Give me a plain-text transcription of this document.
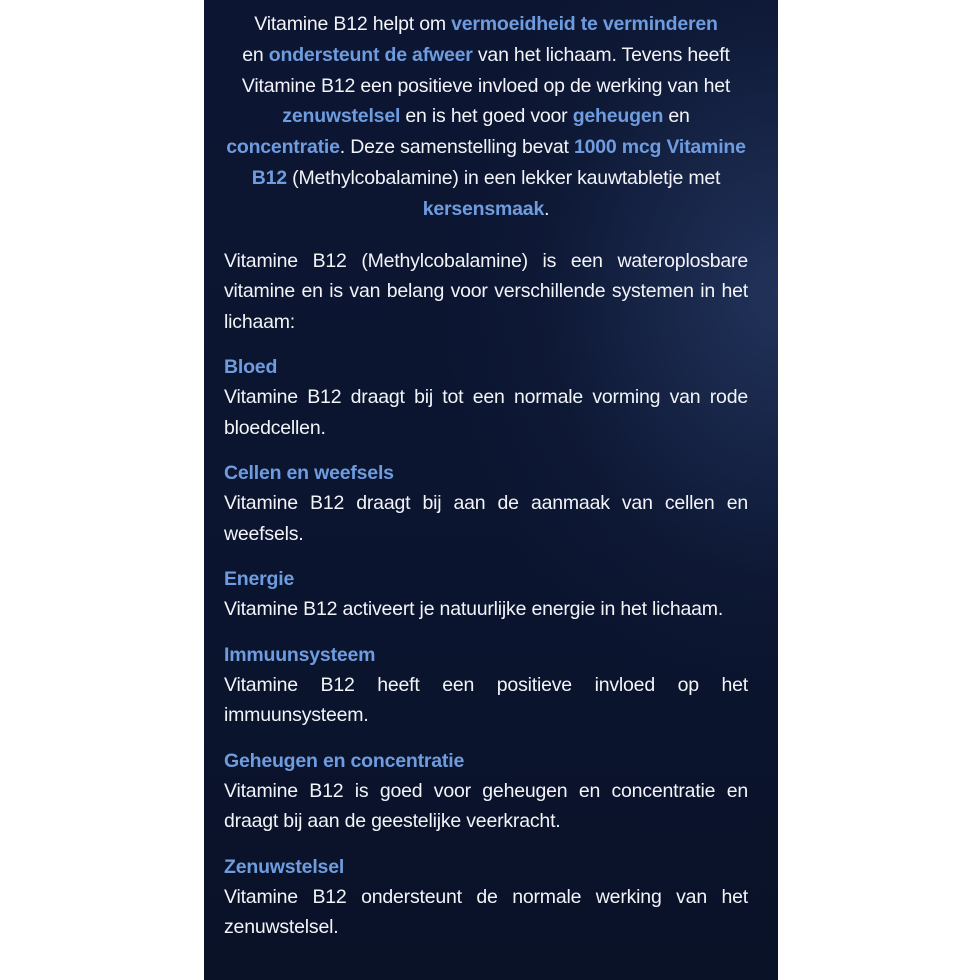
Vitamine B12 helpt om vermoeidheid te verminderen
en ondersteunt de afweer van het lichaam. Tevens heeft Vitamine B12 een positieve invloed op de werking van het zenuwstelsel en is het goed voor geheugen en concentratie. Deze samenstelling bevat 1000 mcg Vitamine B12 (Methylcobalamine) in een lekker kauwtabletje met kersensmaak.

Vitamine B12 (Methylcobalamine) is een wateroplosbare vitamine en is van belang voor verschillende systemen in het lichaam:

Bloed

Vitamine B12 draagt bij tot een normale vorming van rode bloedcellen.

Cellen en weefsels

Vitamine B12 draagt bij aan de aanmaak van cellen en weefsels.

Energie

Vitamine B12 activeert je natuurlijke energie in het lichaam.

Immuunsysteem

Vitamine B12 heeft een positieve invloed op het immuunsysteem.

Geheugen en concentratie

Vitamine B12 is goed voor geheugen en concentratie en draagt bij aan de geestelijke veerkracht.

Zenuwstelsel

Vitamine B12 ondersteunt de normale werking van het zenuwstelsel.
